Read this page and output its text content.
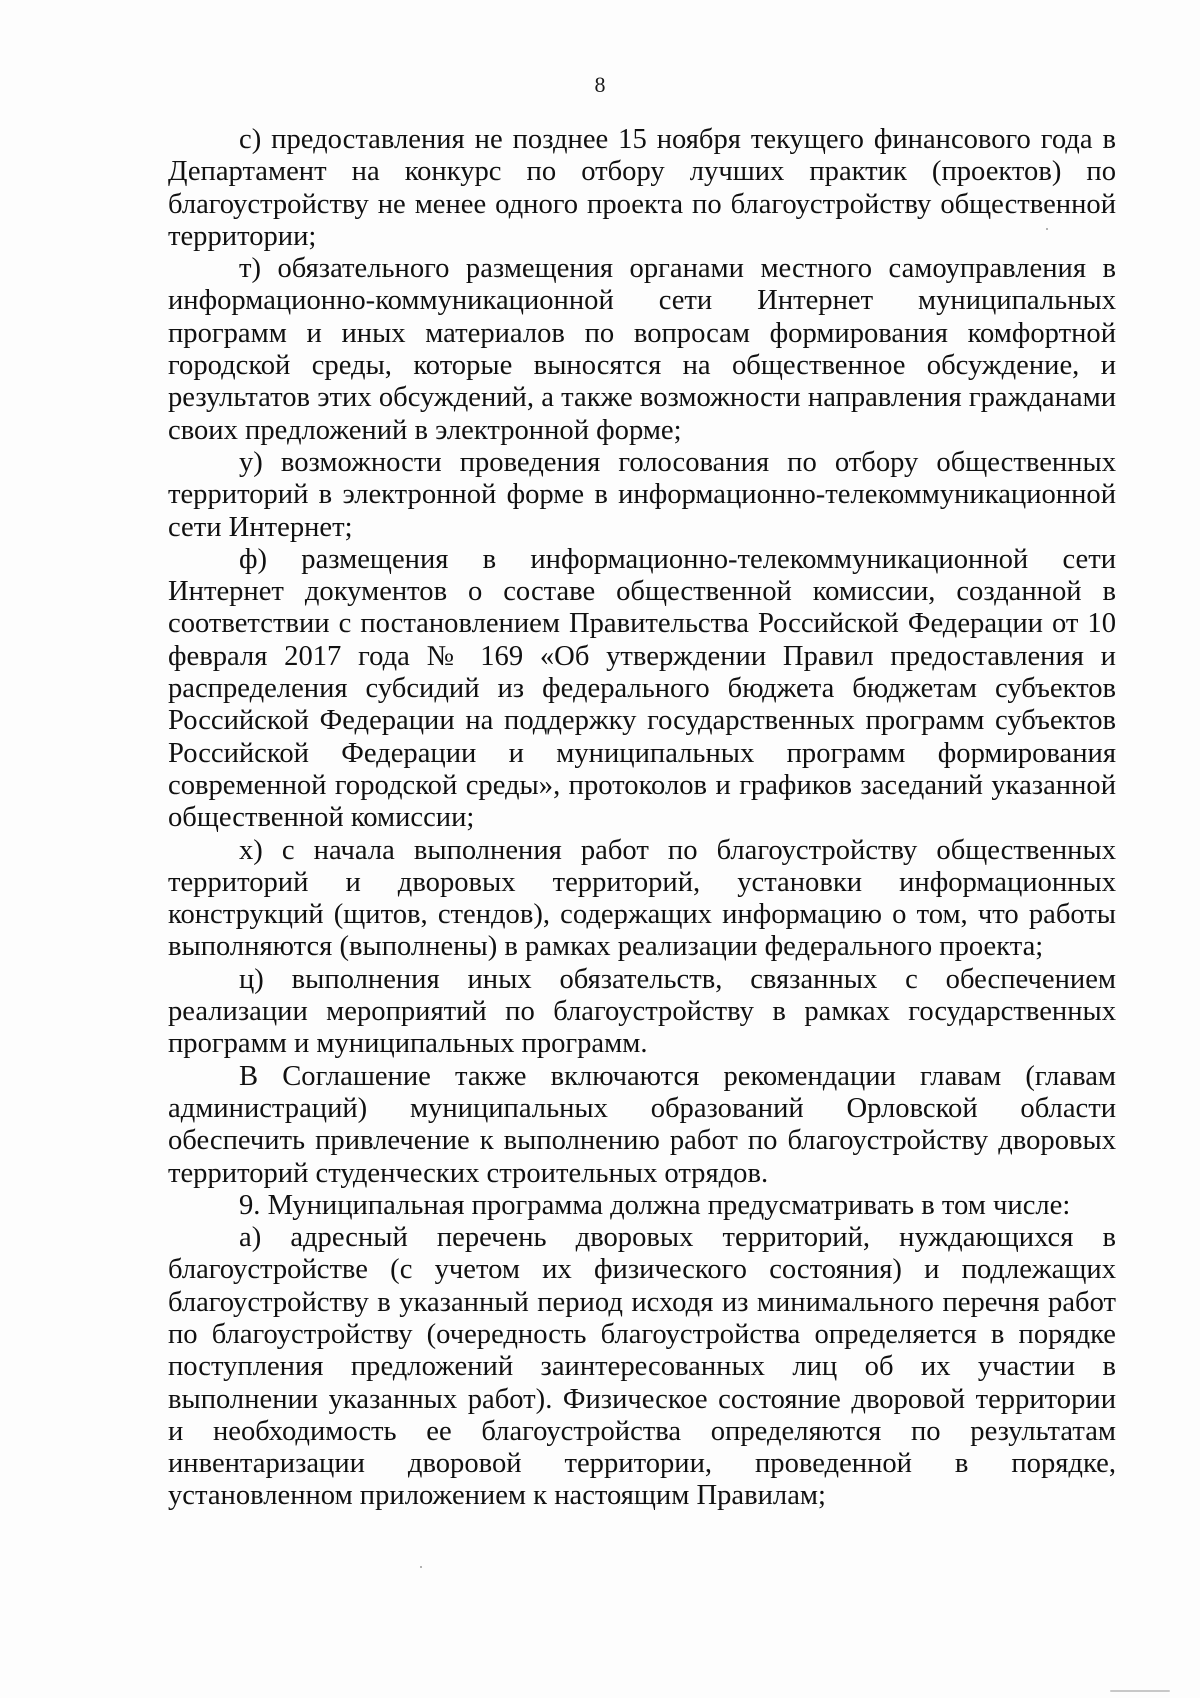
8

с) предоставления не позднее 15 ноября текущего финансового года в Департамент на конкурс по отбору лучших практик (проектов) по благоустройству не менее одного проекта по благоустройству общественной территории;

т) обязательного размещения органами местного самоуправления в информационно-коммуникационной сети Интернет муниципальных программ и иных материалов по вопросам формирования комфортной городской среды, которые выносятся на общественное обсуждение, и результатов этих обсуждений, а также возможности направления гражданами своих предложений в электронной форме;

у) возможности проведения голосования по отбору общественных территорий в электронной форме в информационно-телекоммуникационной сети Интернет;

ф) размещения в информационно-телекоммуникационной сети Интернет документов о составе общественной комиссии, созданной в соответствии с постановлением Правительства Российской Федерации от 10 февраля 2017 года № 169 «Об утверждении Правил предоставления и распределения субсидий из федерального бюджета бюджетам субъектов Российской Федерации на поддержку государственных программ субъектов Российской Федерации и муниципальных программ формирования современной городской среды», протоколов и графиков заседаний указанной общественной комиссии;

х) с начала выполнения работ по благоустройству общественных территорий и дворовых территорий, установки информационных конструкций (щитов, стендов), содержащих информацию о том, что работы выполняются (выполнены) в рамках реализации федерального проекта;

ц) выполнения иных обязательств, связанных с обеспечением реализации мероприятий по благоустройству в рамках государственных программ и муниципальных программ.

В Соглашение также включаются рекомендации главам (главам администраций) муниципальных образований Орловской области обеспечить привлечение к выполнению работ по благоустройству дворовых территорий студенческих строительных отрядов.

9. Муниципальная программа должна предусматривать в том числе:

а) адресный перечень дворовых территорий, нуждающихся в благоустройстве (с учетом их физического состояния) и подлежащих благоустройству в указанный период исходя из минимального перечня работ по благоустройству (очередность благоустройства определяется в порядке поступления предложений заинтересованных лиц об их участии в выполнении указанных работ). Физическое состояние дворовой территории и необходимость ее благоустройства определяются по результатам инвентаризации дворовой территории, проведенной в порядке, установленном приложением к настоящим Правилам;
